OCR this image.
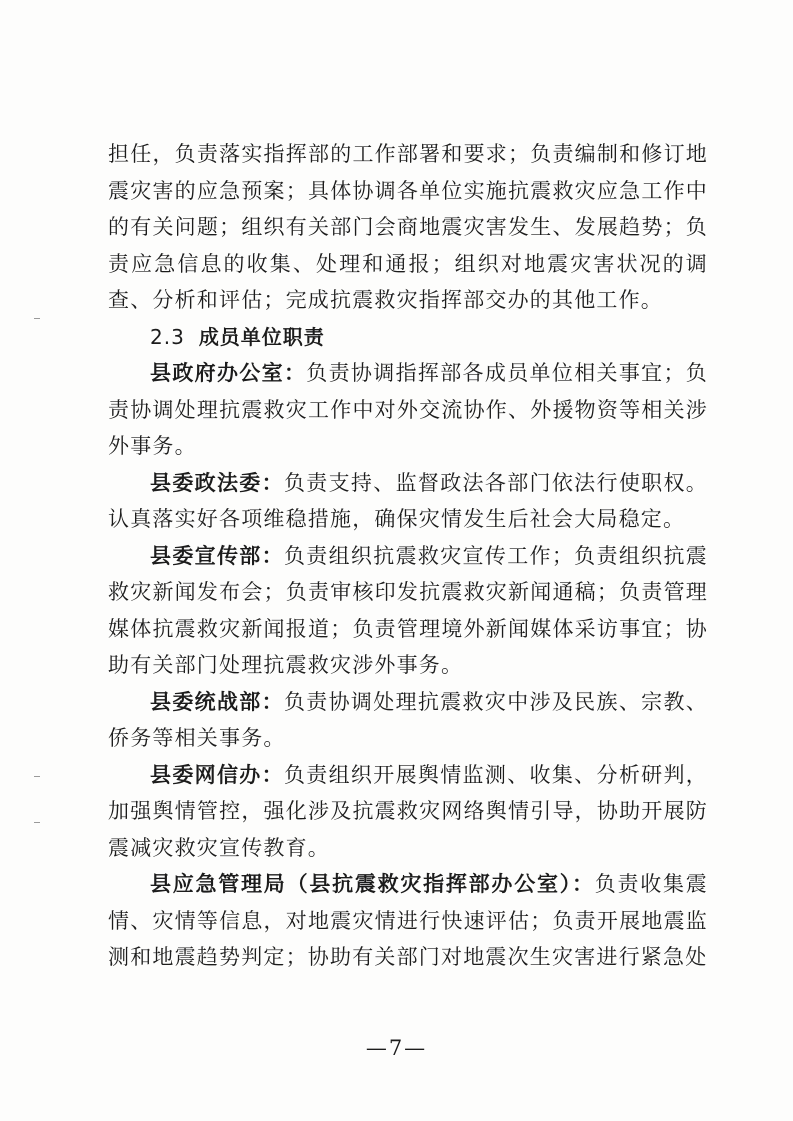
担任，负责落实指挥部的工作部署和要求；负责编制和修订地震灾害的应急预案；具体协调各单位实施抗震救灾应急工作中的有关问题；组织有关部门会商地震灾害发生、发展趋势；负责应急信息的收集、处理和通报；组织对地震灾害状况的调查、分析和评估；完成抗震救灾指挥部交办的其他工作。

2.3 成员单位职责

县政府办公室：负责协调指挥部各成员单位相关事宜；负责协调处理抗震救灾工作中对外交流协作、外援物资等相关涉外事务。

县委政法委：负责支持、监督政法各部门依法行使职权。认真落实好各项维稳措施，确保灾情发生后社会大局稳定。

县委宣传部：负责组织抗震救灾宣传工作；负责组织抗震救灾新闻发布会；负责审核印发抗震救灾新闻通稿；负责管理媒体抗震救灾新闻报道；负责管理境外新闻媒体采访事宜；协助有关部门处理抗震救灾涉外事务。

县委统战部：负责协调处理抗震救灾中涉及民族、宗教、侨务等相关事务。

县委网信办：负责组织开展舆情监测、收集、分析研判，加强舆情管控，强化涉及抗震救灾网络舆情引导，协助开展防震减灾救灾宣传教育。

县应急管理局（县抗震救灾指挥部办公室）：负责收集震情、灾情等信息，对地震灾情进行快速评估；负责开展地震监测和地震趋势判定；协助有关部门对地震次生灾害进行紧急处

—7—
